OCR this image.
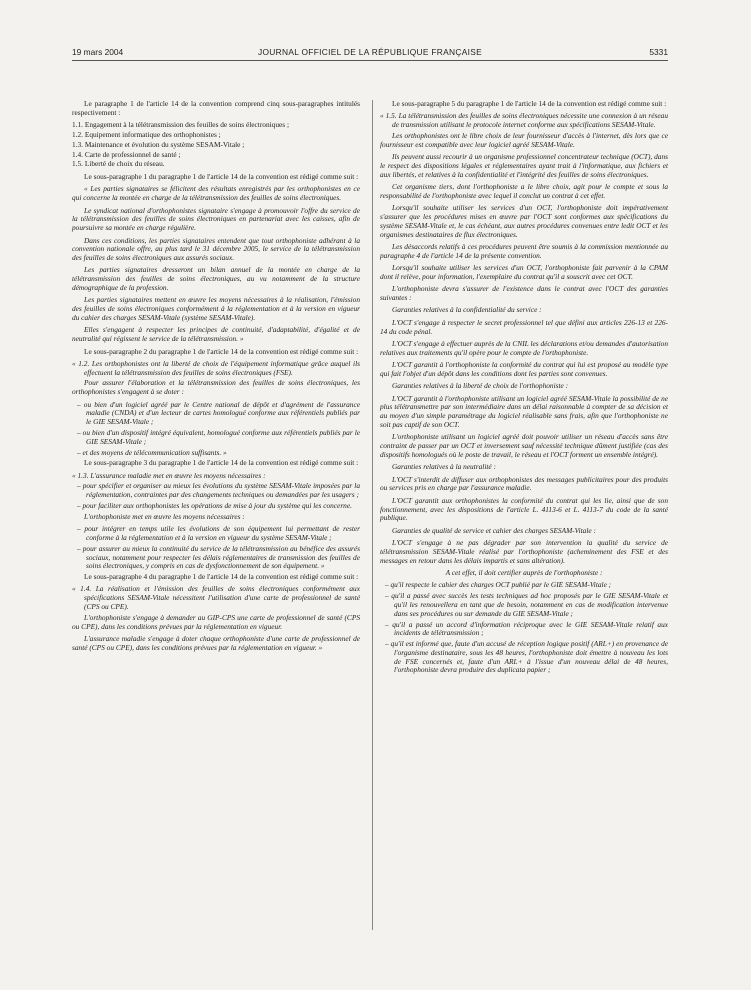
19 mars 2004	JOURNAL OFFICIEL DE LA RÉPUBLIQUE FRANÇAISE	5331

Le paragraphe 1 de l'article 14 de la convention comprend cinq sous-paragraphes intitulés respectivement :

1.1. Engagement à la télétransmission des feuilles de soins électroniques ;
1.2. Equipement informatique des orthophonistes ;
1.3. Maintenance et évolution du système SESAM-Vitale ;
1.4. Carte de professionnel de santé ;
1.5. Liberté de choix du réseau.

Le sous-paragraphe 1 du paragraphe 1 de l'article 14 de la convention est rédigé comme suit :

« Les parties signataires se félicitent des résultats enregistrés par les orthophonistes en ce qui concerne la montée en charge de la télétransmission des feuilles de soins électroniques.

Le syndicat national d'orthophonistes signataire s'engage à promouvoir l'offre du service de la télétransmission des feuilles de soins électroniques en partenariat avec les caisses, afin de poursuivre sa montée en charge régulière.

Dans ces conditions, les parties signataires entendent que tout orthophoniste adhérant à la convention nationale offre, au plus tard le 31 décembre 2005, le service de la télétransmission des feuilles de soins électroniques aux assurés sociaux.

Les parties signataires dresseront un bilan annuel de la montée en charge de la télétransmission des feuilles de soins électroniques, au vu notamment de la structure démographique de la profession.

Les parties signataires mettent en œuvre les moyens nécessaires à la réalisation, l'émission des feuilles de soins électroniques conformément à la réglementation et à la version en vigueur du cahier des charges SESAM-Vitale (système SESAM-Vitale).

Elles s'engagent à respecter les principes de continuité, d'adaptabilité, d'égalité et de neutralité qui régissent le service de la télétransmission. »

Le sous-paragraphe 2 du paragraphe 1 de l'article 14 de la convention est rédigé comme suit :

« 1.2. Les orthophonistes ont la liberté de choix de l'équipement informatique grâce auquel ils effectuent la télétransmission des feuilles de soins électroniques (FSE).

Pour assurer l'élaboration et la télétransmission des feuilles de soins électroniques, les orthophonistes s'engagent à se doter :

– ou bien d'un logiciel agréé par le Centre national de dépôt et d'agrément de l'assurance maladie (CNDA) et d'un lecteur de cartes homologué conforme aux référentiels publiés par le GIE SESAM-Vitale ;

– ou bien d'un dispositif intégré équivalent, homologué conforme aux référentiels publiés par le GIE SESAM-Vitale ;

– et des moyens de télécommunication suffisants. »

Le sous-paragraphe 3 du paragraphe 1 de l'article 14 de la convention est rédigé comme suit :

« 1.3. L'assurance maladie met en œuvre les moyens nécessaires :

– pour spécifier et organiser au mieux les évolutions du système SESAM-Vitale imposées par la réglementation, contraintes par des changements techniques ou demandées par les usagers ;

– pour faciliter aux orthophonistes les opérations de mise à jour du système qui les concerne.

L'orthophoniste met en œuvre les moyens nécessaires :

– pour intégrer en temps utile les évolutions de son équipement lui permettant de rester conforme à la réglementation et à la version en vigueur du système SESAM-Vitale ;

– pour assurer au mieux la continuité du service de la télétransmission au bénéfice des assurés sociaux, notamment pour respecter les délais réglementaires de transmission des feuilles de soins électroniques, y compris en cas de dysfonctionnement de son équipement. »

Le sous-paragraphe 4 du paragraphe 1 de l'article 14 de la convention est rédigé comme suit :

« 1.4. La réalisation et l'émission des feuilles de soins électroniques conformément aux spécifications SESAM-Vitale nécessitent l'utilisation d'une carte de professionnel de santé (CPS ou CPE).

L'orthophoniste s'engage à demander au GIP-CPS une carte de professionnel de santé (CPS ou CPE), dans les conditions prévues par la réglementation en vigueur.

L'assurance maladie s'engage à doter chaque orthophoniste d'une carte de professionnel de santé (CPS ou CPE), dans les conditions prévues par la réglementation en vigueur. »

Le sous-paragraphe 5 du paragraphe 1 de l'article 14 de la convention est rédigé comme suit :

« 1.5. La télétransmission des feuilles de soins électroniques nécessite une connexion à un réseau de transmission utilisant le protocole internet conforme aux spécifications SESAM-Vitale.

Les orthophonistes ont le libre choix de leur fournisseur d'accès à l'internet, dès lors que ce fournisseur est compatible avec leur logiciel agréé SESAM-Vitale.

Ils peuvent aussi recourir à un organisme professionnel concentrateur technique (OCT), dans le respect des dispositions légales et réglementaires ayant trait à l'informatique, aux fichiers et aux libertés, et relatives à la confidentialité et l'intégrité des feuilles de soins électroniques.

Cet organisme tiers, dont l'orthophoniste a le libre choix, agit pour le compte et sous la responsabilité de l'orthophoniste avec lequel il conclut un contrat à cet effet.

Lorsqu'il souhaite utiliser les services d'un OCT, l'orthophoniste doit impérativement s'assurer que les procédures mises en œuvre par l'OCT sont conformes aux spécifications du système SESAM-Vitale et, le cas échéant, aux autres procédures convenues entre ledit OCT et les organismes destinataires de flux électroniques.

Les désaccords relatifs à ces procédures peuvent être soumis à la commission mentionnée au paragraphe 4 de l'article 14 de la présente convention.

Lorsqu'il souhaite utiliser les services d'un OCT, l'orthophoniste fait parvenir à la CPAM dont il relève, pour information, l'exemplaire du contrat qu'il a souscrit avec cet OCT.

L'orthophoniste devra s'assurer de l'existence dans le contrat avec l'OCT des garanties suivantes :

Garanties relatives à la confidentialité du service :

L'OCT s'engage à respecter le secret professionnel tel que défini aux articles 226-13 et 226-14 du code pénal.

L'OCT s'engage à effectuer auprès de la CNIL les déclarations et/ou demandes d'autorisation relatives aux traitements qu'il opère pour le compte de l'orthophoniste.

L'OCT garantit à l'orthophoniste la conformité du contrat qui lui est proposé au modèle type qui fait l'objet d'un dépôt dans les conditions dont les parties sont convenues.

Garanties relatives à la liberté de choix de l'orthophoniste :

L'OCT garantit à l'orthophoniste utilisant un logiciel agréé SESAM-Vitale la possibilité de ne plus télétransmettre par son intermédiaire dans un délai raisonnable à compter de sa décision et au moyen d'un simple paramétrage du logiciel réalisable sans frais, afin que l'orthophoniste ne soit pas captif de son OCT.

L'orthophoniste utilisant un logiciel agréé doit pouvoir utiliser un réseau d'accès sans être contraint de passer par un OCT et inversement sauf nécessité technique dûment justifiée (cas des dispositifs homologués où le poste de travail, le réseau et l'OCT forment un ensemble intégré).

Garanties relatives à la neutralité :

L'OCT s'interdit de diffuser aux orthophonistes des messages publicitaires pour des produits ou services pris en charge par l'assurance maladie.

L'OCT garantit aux orthophonistes la conformité du contrat qui les lie, ainsi que de son fonctionnement, avec les dispositions de l'article L. 4113-6 et L. 4113-7 du code de la santé publique.

Garanties de qualité de service et cahier des charges SESAM-Vitale :

L'OCT s'engage à ne pas dégrader par son intervention la qualité du service de télétransmission SESAM-Vitale réalisé par l'orthophoniste (acheminement des FSE et des messages en retour dans les délais impartis et sans altération).

A cet effet, il doit certifier auprès de l'orthophoniste :

– qu'il respecte le cahier des charges OCT publié par le GIE SESAM-Vitale ;

– qu'il a passé avec succès les tests techniques ad hoc proposés par le GIE SESAM-Vitale et qu'il les renouvellera en tant que de besoin, notamment en cas de modification intervenue dans ses procédures ou sur demande du GIE SESAM-Vitale ;

– qu'il a passé un accord d'information réciproque avec le GIE SESAM-Vitale relatif aux incidents de télétransmission ;

– qu'il est informé que, faute d'un accusé de réception logique positif (ARL+) en provenance de l'organisme destinataire, sous les 48 heures, l'orthophoniste doit émettre à nouveau les lots de FSE concernés et, faute d'un ARL+ à l'issue d'un nouveau délai de 48 heures, l'orthophoniste devra produire des duplicata papier ;
